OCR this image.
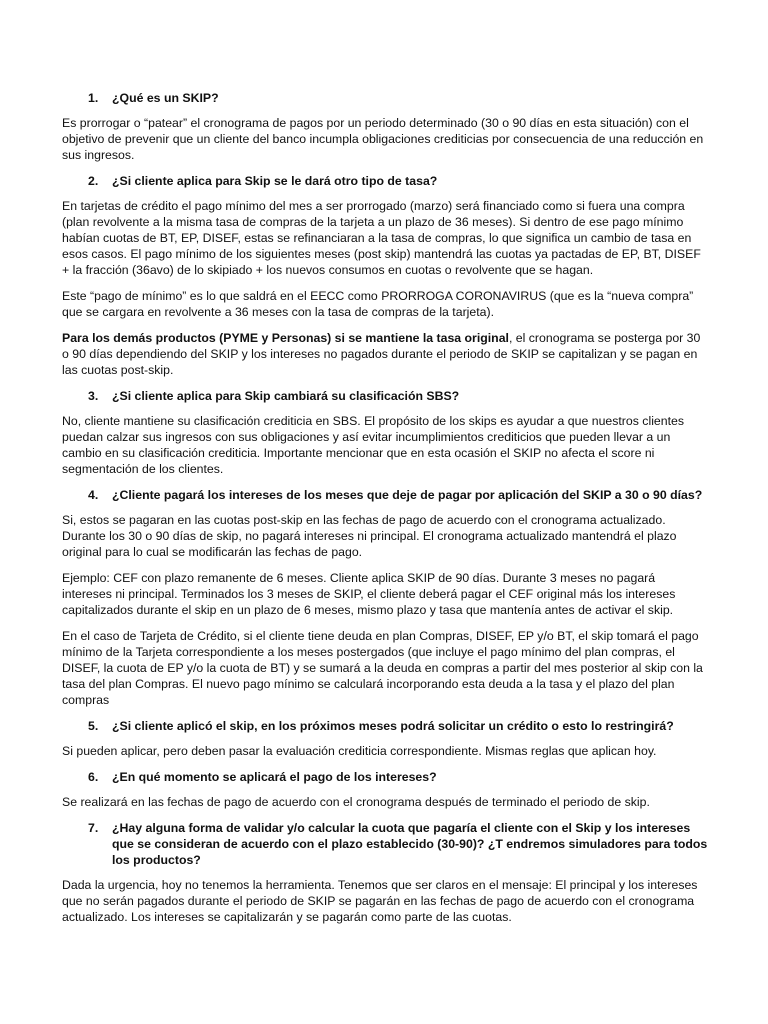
1.	¿Qué es un SKIP?

Es prorrogar o “patear” el cronograma de pagos por un periodo determinado (30 o 90 días en esta situación) con el objetivo de prevenir que un cliente del banco incumpla obligaciones crediticias por consecuencia de una reducción en sus ingresos.

2.	¿Si cliente aplica para Skip se le dará otro tipo de tasa?

En tarjetas de crédito el pago mínimo del mes a ser prorrogado (marzo) será financiado como si fuera una compra (plan revolvente a la misma tasa de compras de la tarjeta a un plazo de 36 meses). Si dentro de ese pago mínimo habían cuotas de BT, EP, DISEF, estas se refinanciaran a la tasa de compras, lo que significa un cambio de tasa en esos casos. El pago mínimo de los siguientes meses (post skip) mantendrá las cuotas ya pactadas de EP, BT, DISEF + la fracción (36avo) de lo skipiado + los nuevos consumos en cuotas o revolvente que se hagan.

Este “pago de mínimo” es lo que saldrá en el EECC como PRORROGA CORONAVIRUS (que es la “nueva compra” que se cargara en revolvente a 36 meses con la tasa de compras de la tarjeta).

Para los demás productos (PYME y Personas) si se mantiene la tasa original, el cronograma se posterga por 30 o 90 días dependiendo del SKIP y los intereses no pagados durante el periodo de SKIP se capitalizan y se pagan en las cuotas post-skip.

3.	¿Si cliente aplica para Skip cambiará su clasificación SBS?

No, cliente mantiene su clasificación crediticia en SBS. El propósito de los skips es ayudar a que nuestros clientes puedan calzar sus ingresos con sus obligaciones y así evitar incumplimientos crediticios que pueden llevar a un cambio en su clasificación crediticia. Importante mencionar que en esta ocasión el SKIP no afecta el score ni segmentación de los clientes.

4.	¿Cliente pagará los intereses de los meses que deje de pagar por aplicación del SKIP a 30 o 90 días?

Si, estos se pagaran en las cuotas post-skip en las fechas de pago de acuerdo con el cronograma actualizado. Durante los 30 o 90 días de skip, no pagará intereses ni principal. El cronograma actualizado mantendrá el plazo original para lo cual se modificarán las fechas de pago.

Ejemplo: CEF con plazo remanente de 6 meses. Cliente aplica SKIP de 90 días. Durante 3 meses no pagará intereses ni principal. Terminados los 3 meses de SKIP, el cliente deberá pagar el CEF original más los intereses capitalizados durante el skip en un plazo de 6 meses, mismo plazo y tasa que mantenía antes de activar el skip.

En el caso de Tarjeta de Crédito, si el cliente tiene deuda en plan Compras, DISEF, EP y/o BT, el skip tomará el pago mínimo de la Tarjeta correspondiente a los meses postergados (que incluye el pago mínimo del plan compras, el DISEF, la cuota de EP y/o la cuota de BT) y se sumará a la deuda en compras a partir del mes posterior al skip con la tasa del plan Compras. El nuevo pago mínimo se calculará incorporando esta deuda a la tasa y el plazo del plan compras

5.	¿Si cliente aplicó el skip, en los próximos meses podrá solicitar un crédito o esto lo restringirá?

Si pueden aplicar, pero deben pasar la evaluación crediticia correspondiente. Mismas reglas que aplican hoy.

6.	¿En qué momento se aplicará el pago de los intereses?

Se realizará en las fechas de pago de acuerdo con el cronograma después de terminado el periodo de skip.

7.	¿Hay alguna forma de validar y/o calcular la cuota que pagaría el cliente con el Skip y los intereses que se consideran de acuerdo con el plazo establecido (30-90)? ¿T endremos simuladores para todos los productos?

Dada la urgencia, hoy no tenemos la herramienta. Tenemos que ser claros en el mensaje: El principal y los intereses que no serán pagados durante el periodo de SKIP se pagarán en las fechas de pago de acuerdo con el cronograma actualizado. Los intereses se capitalizarán y se pagarán como parte de las cuotas.
